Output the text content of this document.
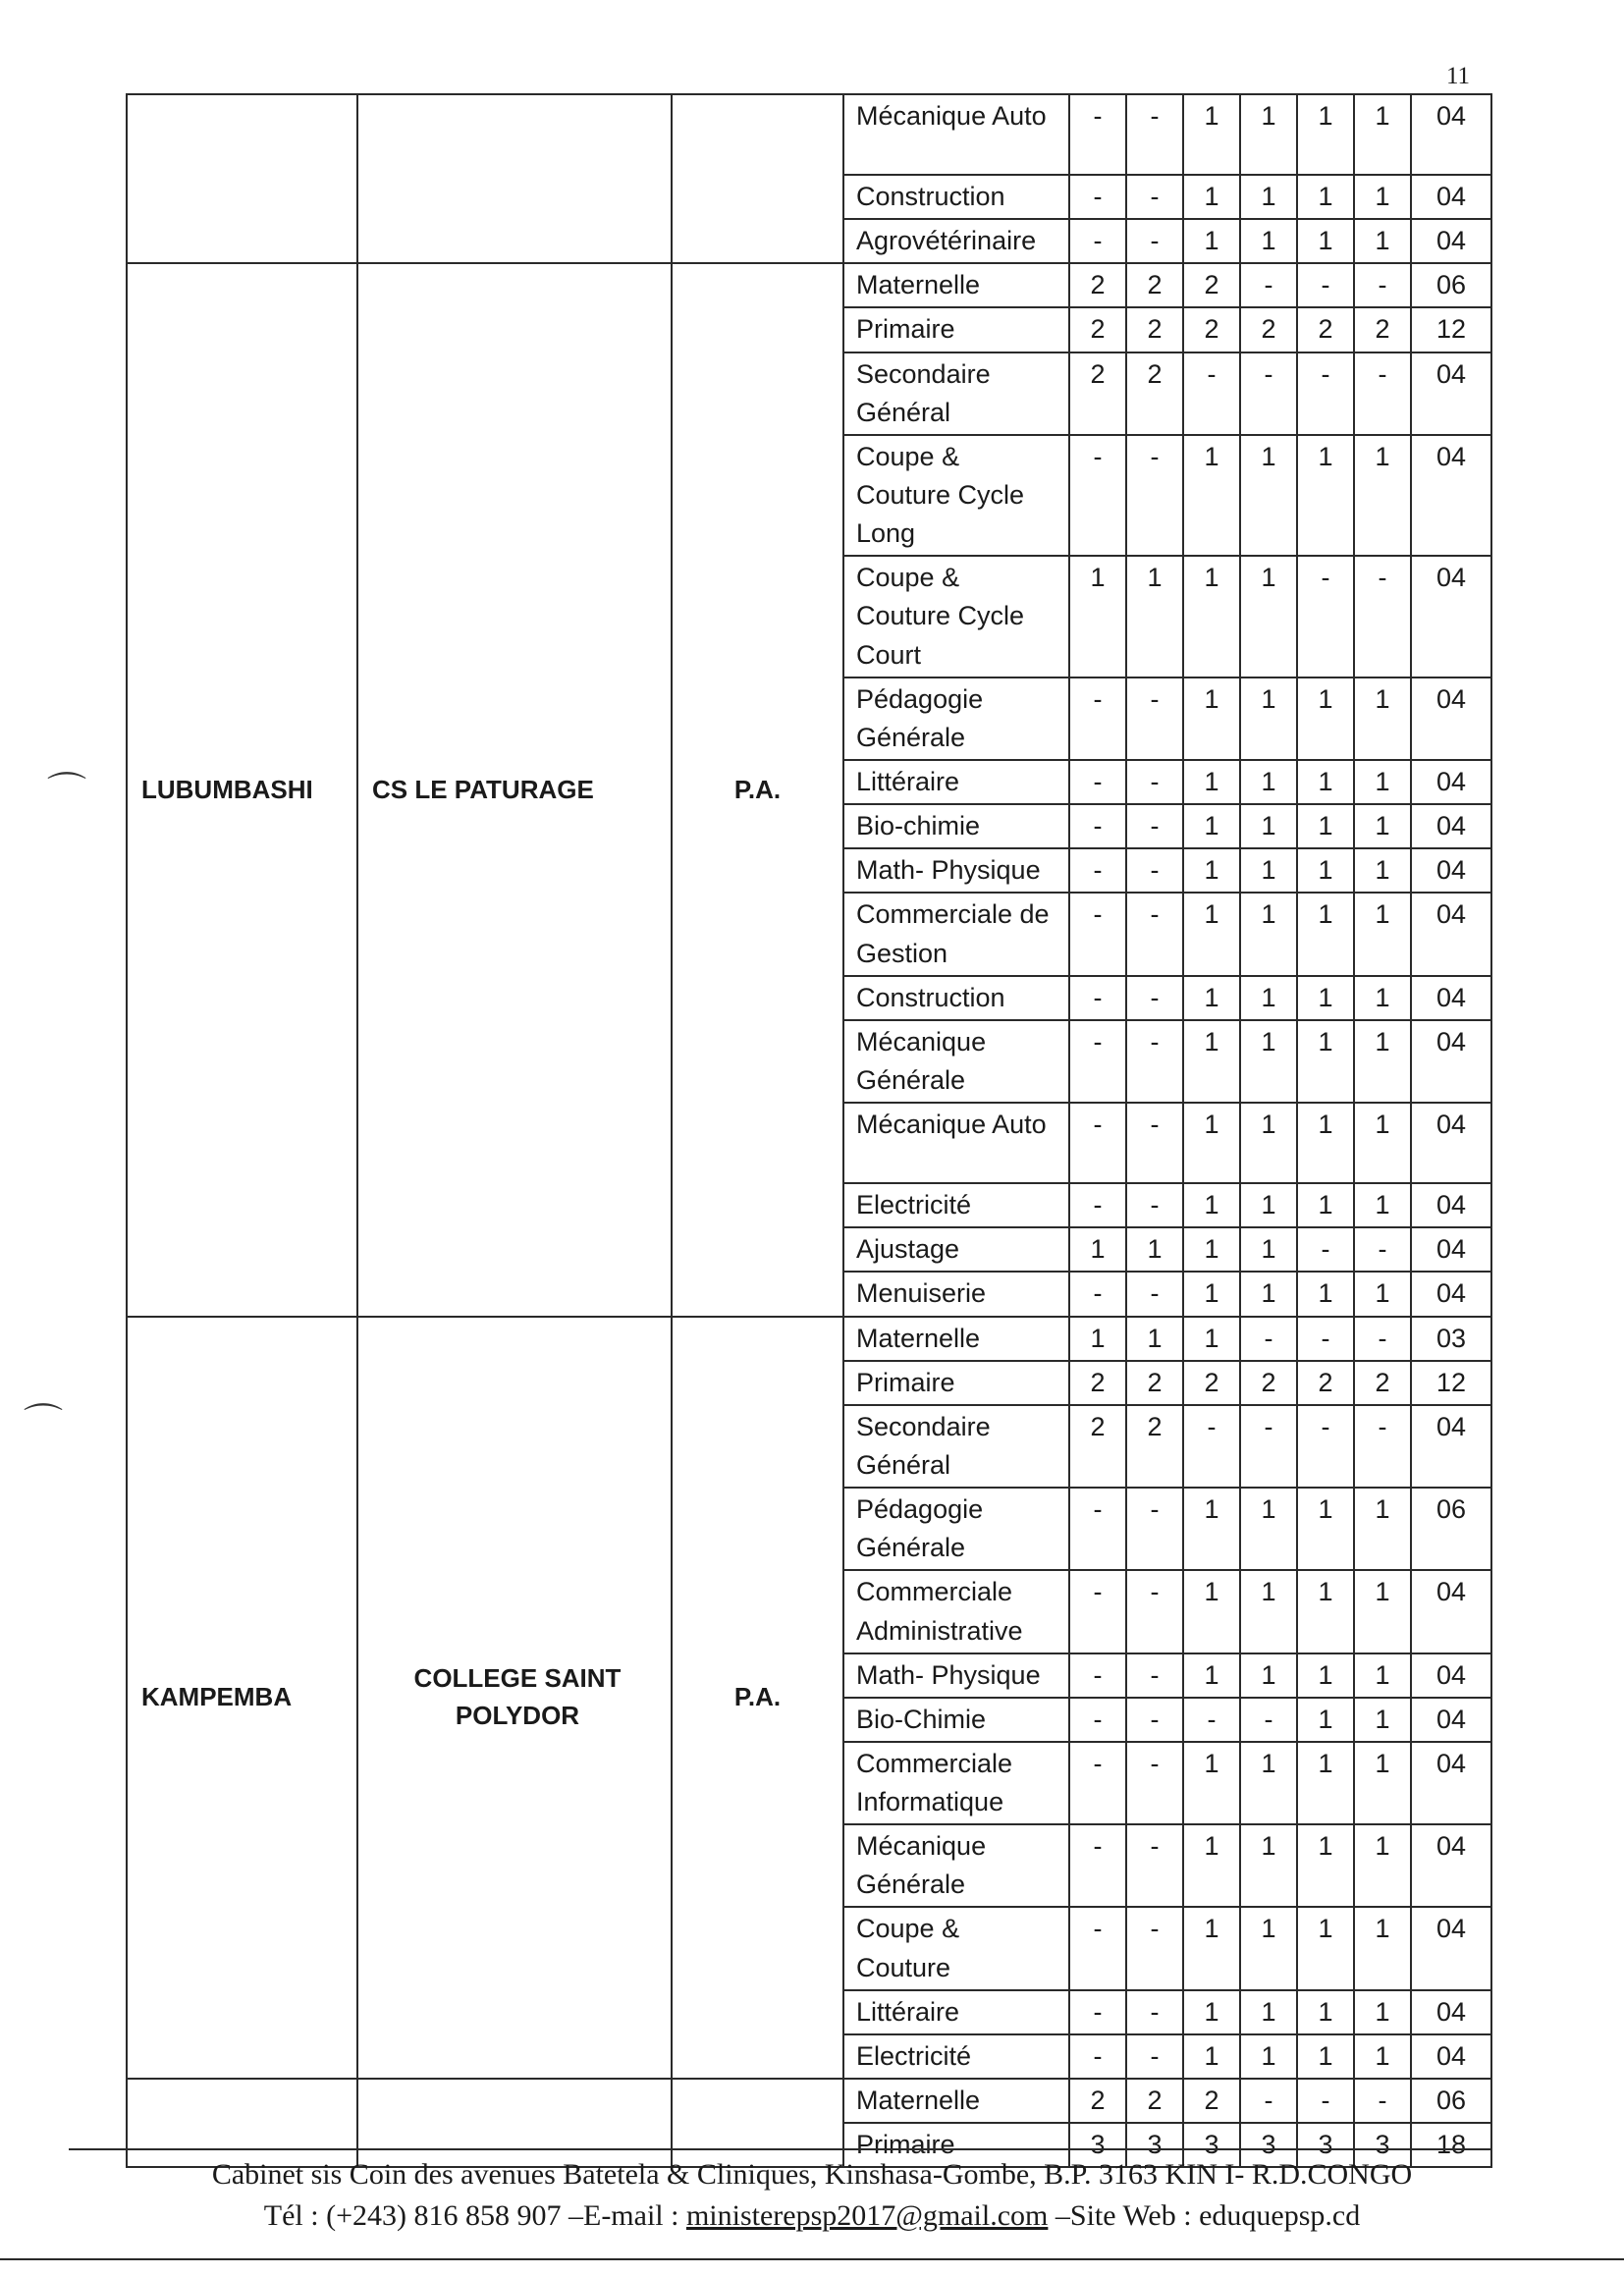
11
			Mécanique Auto	-	-	1	1	1	1	04
			Construction	-	-	1	1	1	1	04
			Agrovétérinaire	-	-	1	1	1	1	04
LUBUMBASHI	CS LE PATURAGE	P.A.	Maternelle	2	2	2	-	-	-	06
			Primaire	2	2	2	2	2	2	12
			Secondaire Général	2	2	-	-	-	-	04
			Coupe & Couture Cycle Long	-	-	1	1	1	1	04
			Coupe & Couture Cycle Court	1	1	1	1	-	-	04
			Pédagogie Générale	-	-	1	1	1	1	04
			Littéraire	-	-	1	1	1	1	04
			Bio-chimie	-	-	1	1	1	1	04
			Math- Physique	-	-	1	1	1	1	04
			Commerciale de Gestion	-	-	1	1	1	1	04
			Construction	-	-	1	1	1	1	04
			Mécanique Générale	-	-	1	1	1	1	04
			Mécanique Auto	-	-	1	1	1	1	04
			Electricité	-	-	1	1	1	1	04
			Ajustage	1	1	1	1	-	-	04
			Menuiserie	-	-	1	1	1	1	04
KAMPEMBA	COLLEGE SAINT POLYDOR	P.A.	Maternelle	1	1	1	-	-	-	03
			Primaire	2	2	2	2	2	2	12
			Secondaire Général	2	2	-	-	-	-	04
			Pédagogie Générale	-	-	1	1	1	1	06
			Commerciale Administrative	-	-	1	1	1	1	04
			Math- Physique	-	-	1	1	1	1	04
			Bio-Chimie	-	-	-	-	1	1	04
			Commerciale Informatique	-	-	1	1	1	1	04
			Mécanique Générale	-	-	1	1	1	1	04
			Coupe & Couture	-	-	1	1	1	1	04
			Littéraire	-	-	1	1	1	1	04
			Electricité	-	-	1	1	1	1	04
			Maternelle	2	2	2	-	-	-	06
			Primaire	3	3	3	3	3	3	18
Cabinet sis Coin des avenues Batetela & Cliniques, Kinshasa-Gombe, B.P. 3163 KIN I- R.D.CONGO
Tél : (+243) 816 858 907 –E-mail : ministerepsp2017@gmail.com –Site Web : eduquepsp.cd
⌒
⌒
